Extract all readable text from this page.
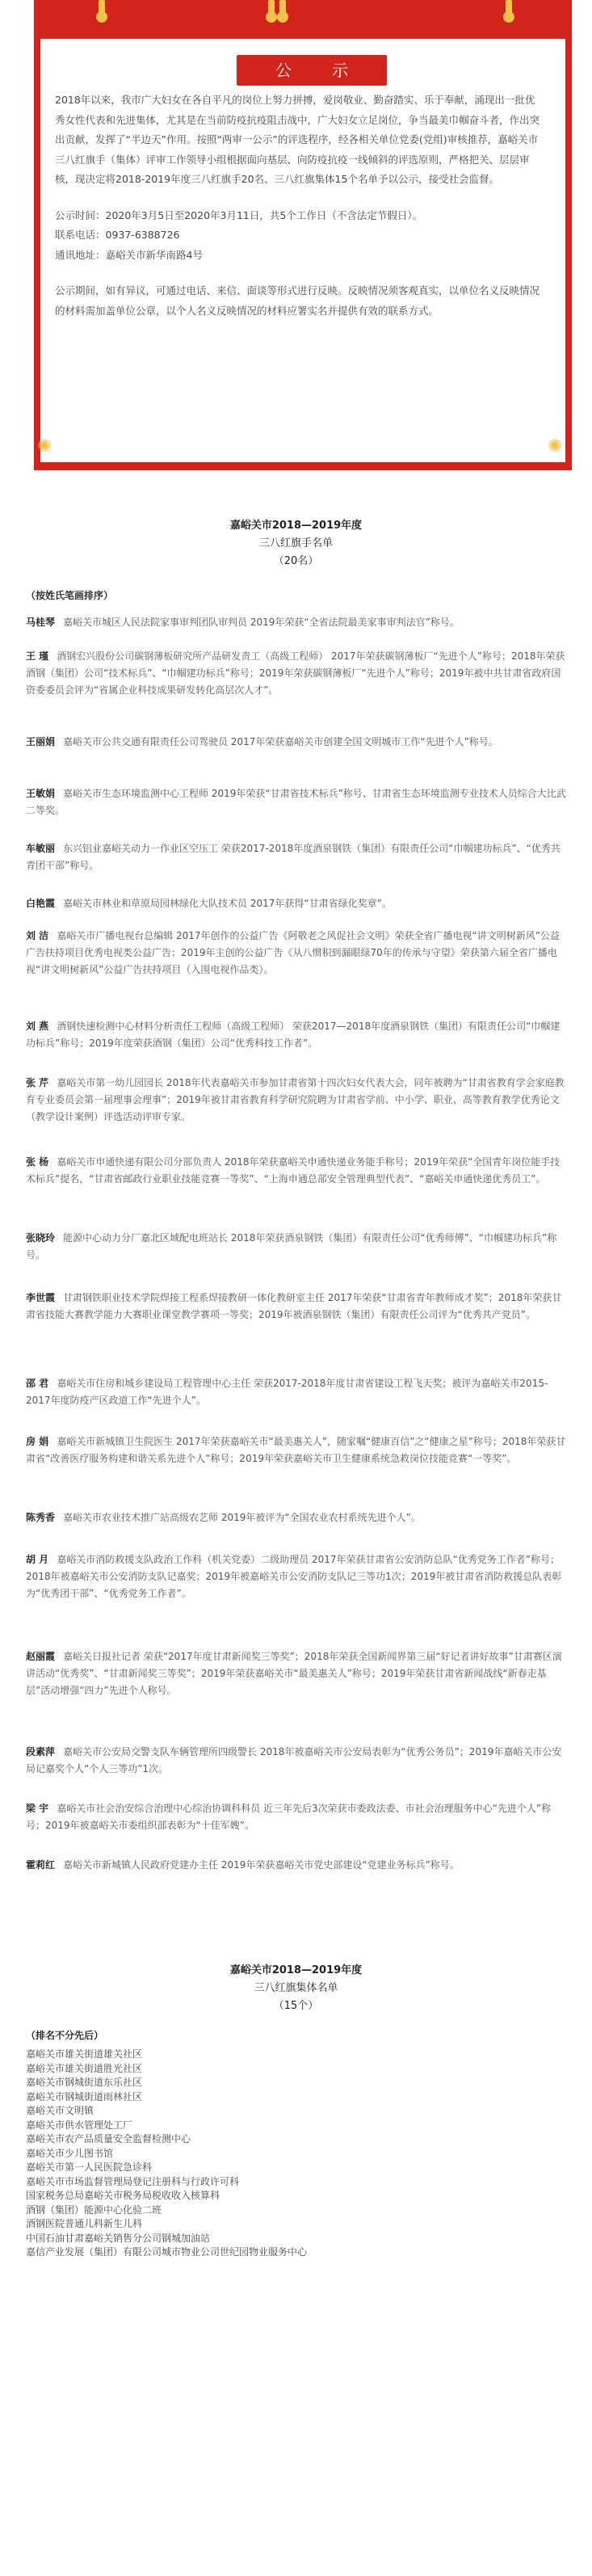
公 示

2018年以来，我市广大妇女在各自平凡的岗位上努力拼搏，爱岗敬业、勤奋踏实、乐于奉献，涌现出一批优秀女性代表和先进集体，尤其是在当前防疫抗疫阻击战中，广大妇女立足岗位，争当最美巾帼奋斗者，作出突出贡献，发挥了“半边天”作用。按照“两审一公示”的评选程序，经各相关单位党委(党组)审核推荐，嘉峪关市三八红旗手（集体）评审工作领导小组根据面向基层、向防疫抗疫一线倾斜的评选原则，严格把关、层层审核，现决定将2018-2019年度三八红旗手20名、三八红旗集体15个名单予以公示，接受社会监督。

公示时间：2020年3月5日至2020年3月11日，共5个工作日（不含法定节假日）。

联系电话：0937-6388726

通讯地址：嘉峪关市新华南路4号

公示期间，如有异议，可通过电话、来信、面谈等形式进行反映。反映情况须客观真实，以单位名义反映情况的材料需加盖单位公章，以个人名义反映情况的材料应署实名并提供有效的联系方式。

✺	✺
嘉峪关市2018—2019年度
三八红旗手名单
（20名）
（按姓氏笔画排序）
马桂琴 嘉峪关市城区人民法院家事审判团队审判员 2019年荣获“全省法院最美家事审判法官”称号。
王 瑾 酒钢宏兴股份公司碳钢薄板研究所产品研发责工（高级工程师） 2017年荣获碳钢薄板厂“先进个人”称号；2018年荣获酒钢（集团）公司“技术标兵”、“巾帼建功标兵”称号；2019年荣获碳钢薄板厂“先进个人”称号；2019年被中共甘肃省政府国资委委员会评为“省属企业科技成果研发转化高层次人才”。
王丽娟 嘉峪关市公共交通有限责任公司驾驶员 2017年荣获嘉峪关市创建全国文明城市工作“先进个人”称号。
王敏娟 嘉峪关市生态环境监测中心工程师 2019年荣获“甘肃省技术标兵”称号、甘肃省生态环境监测专业技术人员综合大比武二等奖。
车敏丽 东兴铝业嘉峪关动力一作业区空压工 荣获2017-2018年度酒泉钢铁（集团）有限责任公司“巾帼建功标兵”、“优秀共青团干部”称号。
白艳霞 嘉峪关市林业和草原局园林绿化大队技术员 2017年获得“甘肃省绿化奖章”。
刘 洁 嘉峪关市广播电视台总编辑 2017年创作的公益广告《阿敬老之风促社会文明》荣获全省广播电视“讲文明树新风”公益广告扶持项目优秀电视类公益广告；2019年主创的公益广告《从八惯积到漏眼绿70年的传承与守望》荣获第六届全省广播电视“讲文明树新风”公益广告扶持项目（入围电视作品类）。
刘 燕 酒钢快速检测中心材料分析责任工程师（高级工程师） 荣获2017—2018年度酒泉钢铁（集团）有限责任公司“巾帼建功标兵”称号；2019年度荣获酒钢（集团）公司“优秀科技工作者”。
张 芹 嘉峪关市第一幼儿园园长 2018年代表嘉峪关市参加甘肃省第十四次妇女代表大会，同年被聘为“甘肃省教育学会家庭教育专业委员会第一届理事会理事”；2019年被甘肃省教育科学研究院聘为甘肃省学前、中小学、职业、高等教育教学优秀论文（教学设计案例）评选活动评审专家。
张 杨 嘉峪关市申通快递有限公司分部负责人 2018年荣获嘉峪关申通快递业务能手称号；2019年荣获“全国青年岗位能手技术标兵”提名，“甘肃省邮政行业职业技能竞赛一等奖”、“上海申通总部安全管理典型代表”、“嘉峪关申通快递优秀员工”。
张晓玲 能源中心动力分厂嘉北区域配电班站长 2018年荣获酒泉钢铁（集团）有限责任公司“优秀师傅”、“巾帼建功标兵”称号。
李世霞 甘肃钢铁职业技术学院焊接工程系焊接教研一体化教研室主任 2017年荣获“甘肃省青年教师成才奖”；2018年荣获甘肃省技能大赛教学能力大赛职业课堂教学赛项一等奖；2019年被酒泉钢铁（集团）有限责任公司评为“优秀共产党员”。
邵 君 嘉峪关市住房和城乡建设局工程管理中心主任 荣获2017-2018年度甘肃省建设工程飞天奖；被评为嘉峪关市2015-2017年度防疫产区政道工作“先进个人”。
房 娟 嘉峪关市新城镇卫生院医生 2017年荣获嘉峪关市“最美惠关人”，随家嘱“健康百信”之“健康之星”称号；2018年荣获甘肃省“改善医疗服务构建和谐关系先进个人”称号；2019年荣获嘉峪关市卫生健康系统急救岗位技能竞赛“一等奖”。
陈秀香 嘉峪关市农业技术推广站高级农艺师 2019年被评为“全国农业农村系统先进个人”。
胡 月 嘉峪关市消防救援支队政治工作科（机关党委）二级助理员 2017年荣获甘肃省公安消防总队“优秀党务工作者”称号；2018年被嘉峪关市公安消防支队记嘉奖；2019年被嘉峪关市公安消防支队记三等功1次；2019年被甘肃省消防救援总队表彰为“优秀团干部”、“优秀党务工作者”。
赵丽霞 嘉峪关日报社记者 荣获“2017年度甘肃新闻奖三等奖”；2018年荣获全国新闻界第三届“好记者讲好故事”甘肃赛区演讲活动“优秀奖”、“甘肃新闻奖三等奖”；2019年荣获嘉峪关市“最美惠关人”称号；2019年荣获甘肃省新闻战线“新春走基层”活动增强“四力”先进个人称号。
段素萍 嘉峪关市公安局交警支队车辆管理所四级警长 2018年被嘉峪关市公安局表彰为“优秀公务员”；2019年嘉峪关市公安局记嘉奖个人“个人三等功”1次。
梁 宇 嘉峪关市社会治安综合治理中心综治协调科科员 近三年先后3次荣获市委政法委、市社会治理服务中心“先进个人”称号；2019年被嘉峪关市委组织部表彰为“十佳军嫂”。
霍莉红 嘉峪关市新城镇人民政府党建办主任 2019年荣获嘉峪关市党史部建设“党建业务标兵”称号。
嘉峪关市2018—2019年度
三八红旗集体名单
（15个）
（排名不分先后）
嘉峪关市雄关街道雄关社区
嘉峪关市雄关街道胜光社区
嘉峪关市钢城街道东乐社区
嘉峪关市钢城街道雨林社区
嘉峪关市文明镇
嘉峪关市供水管理处工厂
嘉峪关市农产品质量安全监督检测中心
嘉峪关市少儿图书馆
嘉峪关市第一人民医院急诊科
嘉峪关市市场监督管理局登记注册科与行政许可科
国家税务总局嘉峪关市税务局税收收入核算科
酒钢（集团）能源中心化验二班
酒钢医院普通儿科新生儿科
中国石油甘肃嘉峪关销售分公司钢城加油站
嘉信产业发展（集团）有限公司城市物业公司世纪园物业服务中心
